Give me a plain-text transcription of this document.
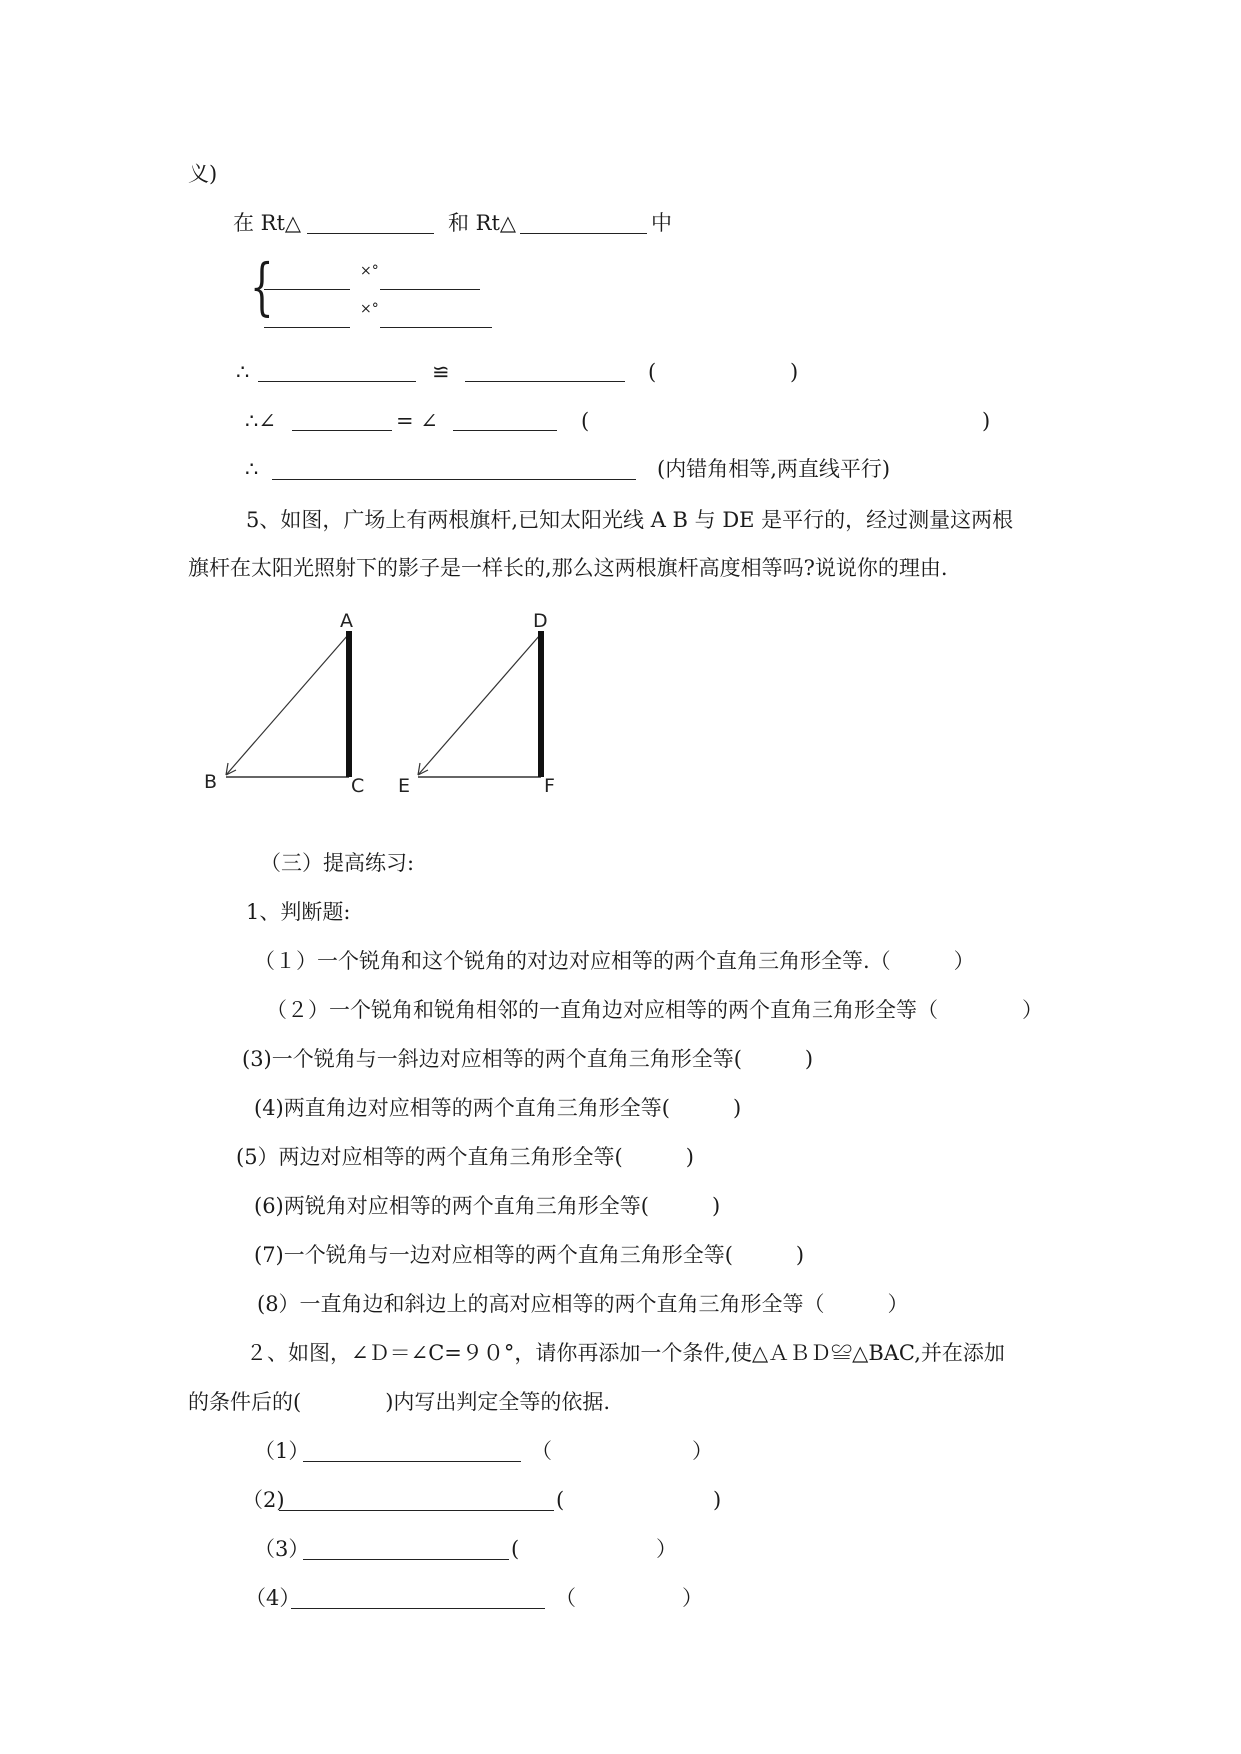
义)
在 Rt△	和 Rt△	中
{	×°
×°
∴	≌	(	)
∴∠	= ∠	(	)
∴	(内错角相等,两直线平行)
5、如图，广场上有两根旗杆,已知太阳光线 A B 与 DE 是平行的，经过测量这两根
旗杆在太阳光照射下的影子是一样长的,那么这两根旗杆高度相等吗?说说你的理由.
A
B	C
D
E	F
（三）提高练习:
1、判断题:
（１）一个锐角和这个锐角的对边对应相等的两个直角三角形全等.（　　　）
（２）一个锐角和锐角相邻的一直角边对应相等的两个直角三角形全等（　　　　）
(3)一个锐角与一斜边对应相等的两个直角三角形全等(　　　)
(4)两直角边对应相等的两个直角三角形全等(　　　)
(5）两边对应相等的两个直角三角形全等(　　　)
(6)两锐角对应相等的两个直角三角形全等(　　　)
(7)一个锐角与一边对应相等的两个直角三角形全等(　　　)
(8）一直角边和斜边上的高对应相等的两个直角三角形全等（　　　）
２、如图，∠Ｄ＝∠C=９０°，请你再添加一个条件,使△ＡＢＤ≌△BAC,并在添加
的条件后的(　　　　)内写出判定全等的依据.
（1）	（	）
（2)	(	)
（3）	(	）
（4）	（	）
